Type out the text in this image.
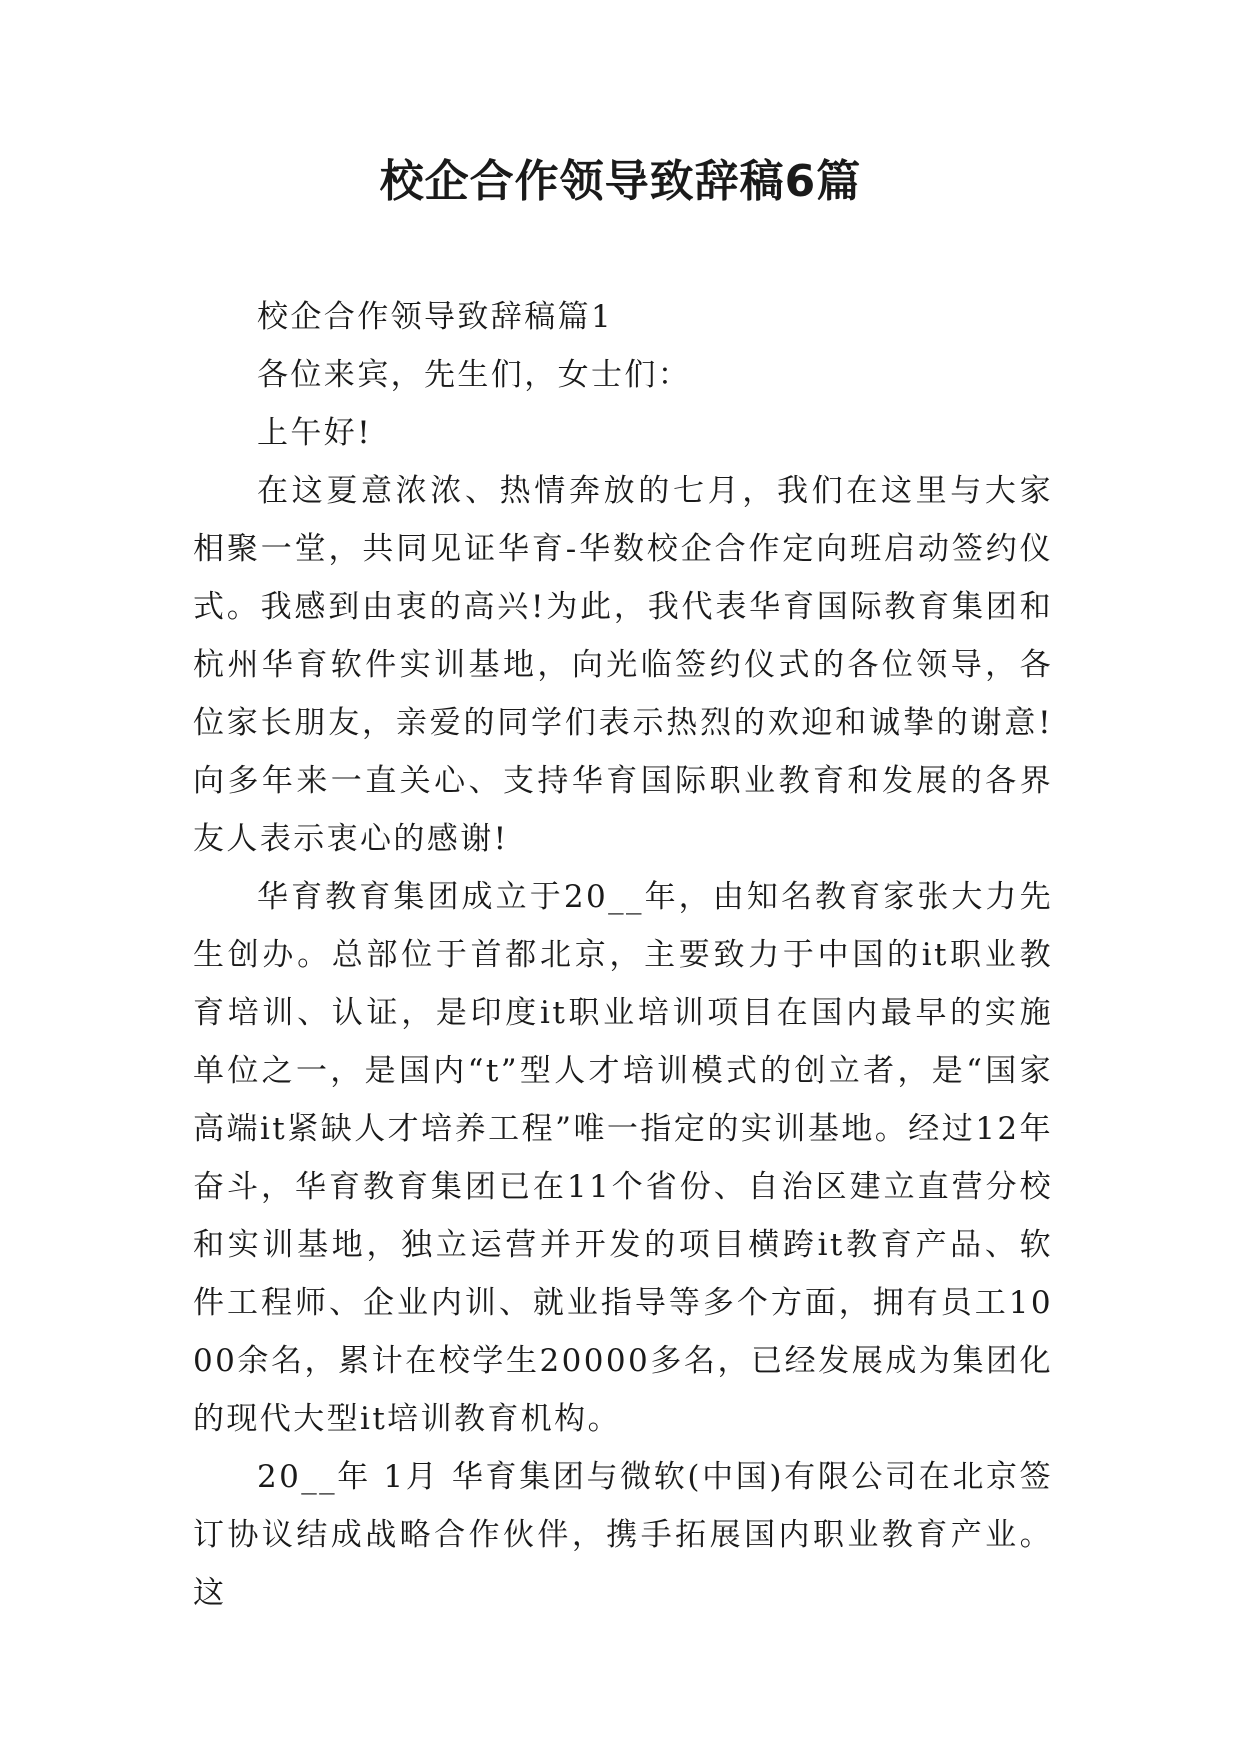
校企合作领导致辞稿6篇

校企合作领导致辞稿篇1

各位来宾，先生们，女士们：

上午好!

在这夏意浓浓、热情奔放的七月，我们在这里与大家相聚一堂，共同见证华育-华数校企合作定向班启动签约仪式。我感到由衷的高兴!为此，我代表华育国际教育集团和杭州华育软件实训基地，向光临签约仪式的各位领导，各位家长朋友，亲爱的同学们表示热烈的欢迎和诚挚的谢意!向多年来一直关心、支持华育国际职业教育和发展的各界友人表示衷心的感谢!

华育教育集团成立于20__年，由知名教育家张大力先生创办。总部位于首都北京，主要致力于中国的it职业教育培训、认证，是印度it职业培训项目在国内最早的实施单位之一，是国内“t”型人才培训模式的创立者，是“国家高端it紧缺人才培养工程”唯一指定的实训基地。经过12年奋斗，华育教育集团已在11个省份、自治区建立直营分校和实训基地，独立运营并开发的项目横跨it教育产品、软件工程师、企业内训、就业指导等多个方面，拥有员工1000余名，累计在校学生20000多名，已经发展成为集团化的现代大型it培训教育机构。

20__年 1月 华育集团与微软(中国)有限公司在北京签订协议结成战略合作伙伴，携手拓展国内职业教育产业。这
